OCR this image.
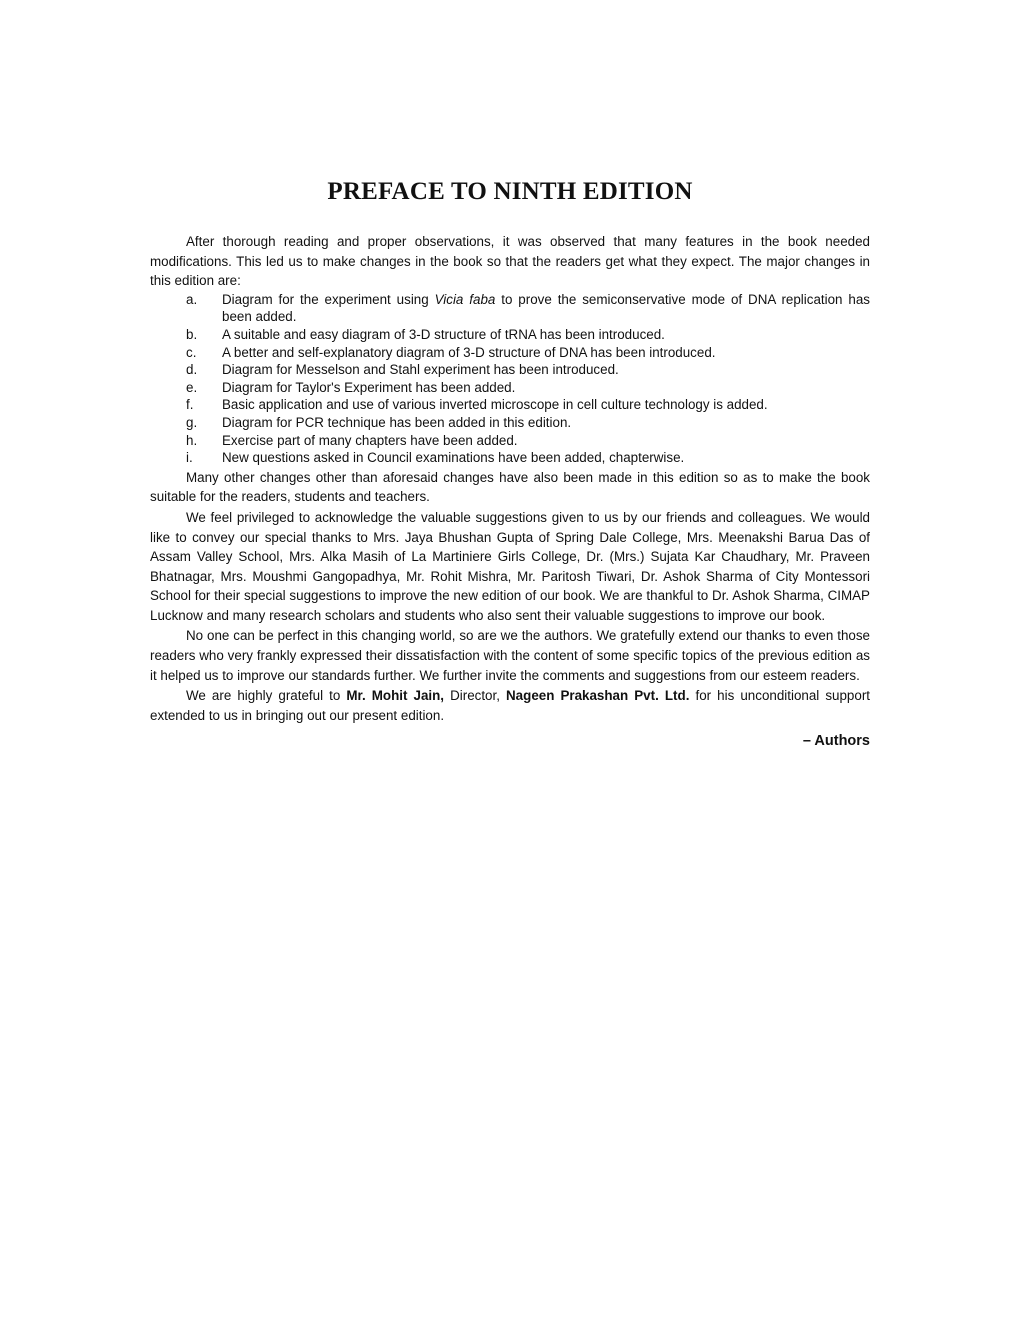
PREFACE TO NINTH EDITION

After thorough reading and proper observations, it was observed that many features in the book needed modifications. This led us to make changes in the book so that the readers get what they expect. The major changes in this edition are:

a.	Diagram for the experiment using Vicia faba to prove the semiconservative mode of DNA replication has been added.
b.	A suitable and easy diagram of 3-D structure of tRNA has been introduced.
c.	A better and self-explanatory diagram of 3-D structure of DNA has been introduced.
d.	Diagram for Messelson and Stahl experiment has been introduced.
e.	Diagram for Taylor's Experiment has been added.
f.	Basic application and use of various inverted microscope in cell culture technology is added.
g.	Diagram for PCR technique has been added in this edition.
h.	Exercise part of many chapters have been added.
i.	New questions asked in Council examinations have been added, chapterwise.

Many other changes other than aforesaid changes have also been made in this edition so as to make the book suitable for the readers, students and teachers.

We feel privileged to acknowledge the valuable suggestions given to us by our friends and colleagues. We would like to convey our special thanks to Mrs. Jaya Bhushan Gupta of Spring Dale College, Mrs. Meenakshi Barua Das of Assam Valley School, Mrs. Alka Masih of La Martiniere Girls College, Dr. (Mrs.) Sujata Kar Chaudhary, Mr. Praveen Bhatnagar, Mrs. Moushmi Gangopadhya, Mr. Rohit Mishra, Mr. Paritosh Tiwari, Dr. Ashok Sharma of City Montessori School for their special suggestions to improve the new edition of our book. We are thankful to Dr. Ashok Sharma, CIMAP Lucknow and many research scholars and students who also sent their valuable suggestions to improve our book.

No one can be perfect in this changing world, so are we the authors. We gratefully extend our thanks to even those readers who very frankly expressed their dissatisfaction with the content of some specific topics of the previous edition as it helped us to improve our standards further. We further invite the comments and suggestions from our esteem readers.

We are highly grateful to Mr. Mohit Jain, Director, Nageen Prakashan Pvt. Ltd. for his unconditional support extended to us in bringing out our present edition.

– Authors
